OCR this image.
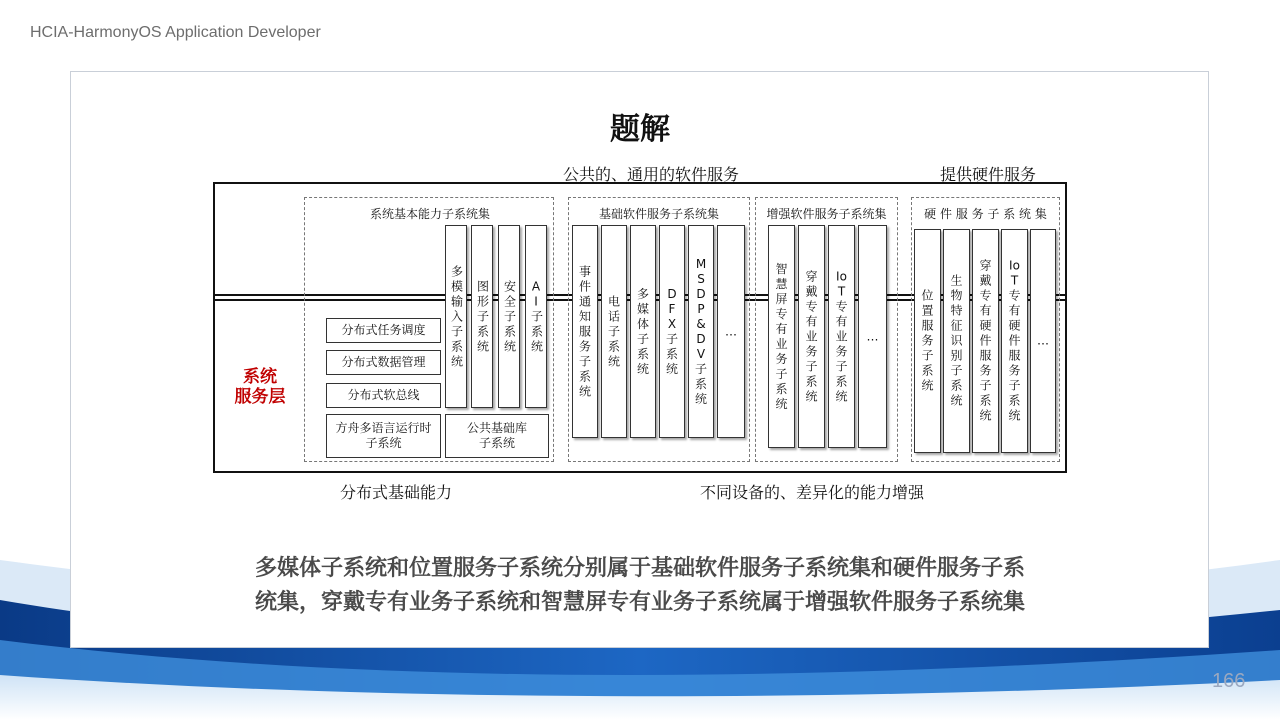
HCIA-HarmonyOS Application Developer
题解
公共的、通用的软件服务	提供硬件服务
系统
服务层
系统基本能力子系统集
分布式任务调度
分布式数据管理
分布式软总线
方舟多语言运行时
子系统
公共基础库
子系统
多模输入子系统
图形子系统
安全子系统
AI子系统
基础软件服务子系统集
事件通知服务子系统
电话子系统
多媒体子系统
DFX子系统
MSDP&DV子系统
…
增强软件服务子系统集
智慧屏专有业务子系统
穿戴专有业务子系统
IoT专有业务子系统
…
硬 件 服 务 子 系 统 集
位置服务子系统
生物特征识别子系统
穿戴专有硬件服务子系统
IoT专有硬件服务子系统
…
分布式基础能力	不同设备的、差异化的能力增强
多媒体子系统和位置服务子系统分别属于基础软件服务子系统集和硬件服务子系
统集，穿戴专有业务子系统和智慧屏专有业务子系统属于增强软件服务子系统集
166
